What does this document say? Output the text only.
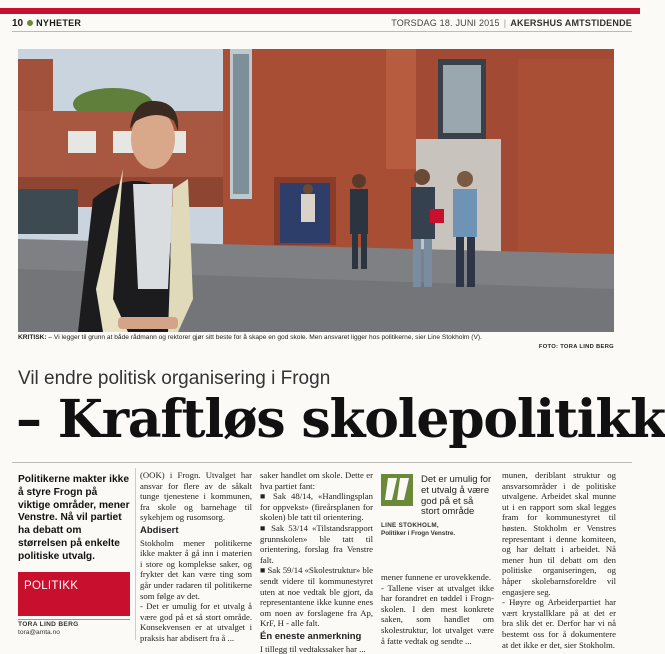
10 NYHETER	TORSDAG 18. JUNI 2015 | AKERSHUS AMTSTIDENDE
KRITISK: – Vi legger til grunn at både rådmann og rektorer gjør sitt beste for å skape en god skole. Men ansvaret ligger hos politikerne, sier Line Stokholm (V).
FOTO: TORA LIND BERG
Vil endre politisk organisering i Frogn
– Kraftløs skolepolitikk
Politikerne makter ikke å styre Frogn på viktige områder, mener Venstre. Nå vil partiet ha debatt om størrelsen på enkelte politiske utvalg.
POLITIKK
TORA LIND BERG
tora@amta.no

(OOK) i Frogn. Utvalget har ansvar for flere av de såkalt tunge tjenestene i kommunen, fra skole og barnehage til sykehjem og rusomsorg.

Abdisert

Stokholm mener politikerne ikke makter å gå inn i materien i store og komplekse saker, og frykter det kan være ting som går under radaren til politikerne som følge av det.

- Det er umulig for et utvalg å være god på et så stort område. Konsekvensen er at utvalget i praksis har abdisert fra å ...

saker handlet om skole. Dette er hva partiet fant:

■ Sak 48/14, «Handlingsplan for oppvekst» (fireårsplanen for skolen) ble tatt til orientering.

■ Sak 53/14 «Tilstandsrapport grunnskolen» ble tatt til orientering, forslag fra Venstre falt.

■ Sak 59/14 «Skolestruktur» ble sendt videre til kommunestyret uten at noe vedtak ble gjort, da representantene ikke kunne enes om noen av forslagene fra Ap, KrF, H - alle falt.

Én eneste anmerkning

I tillegg til vedtakssaker har ...

Det er umulig for et utvalg å være god på et så stort område
LINE STOKHOLM,
Politiker i Frogn Venstre.

mener funnene er urovekkende.

- Tallene viser at utvalget ikke har forandret en tøddel i Frogn-skolen. I den mest konkrete saken, som handlet om skolestruktur, lot utvalget være å fatte vedtak og sendte ...

munen, deriblant struktur og ansvarsområder i de politiske utvalgene. Arbeidet skal munne ut i en rapport som skal legges fram for kommunestyret til høsten. Stokholm er Venstres representant i denne komiteen, og har deltatt i arbeidet. Nå mener hun til debatt om den politiske organiseringen, og håper skolebarnsforeldre vil engasjere seg.

- Høyre og Arbeiderpartiet har vært krystallklare på at det er bra slik det er. Derfor har vi nå bestemt oss for å dokumentere at det ikke er det, sier Stokholm.
